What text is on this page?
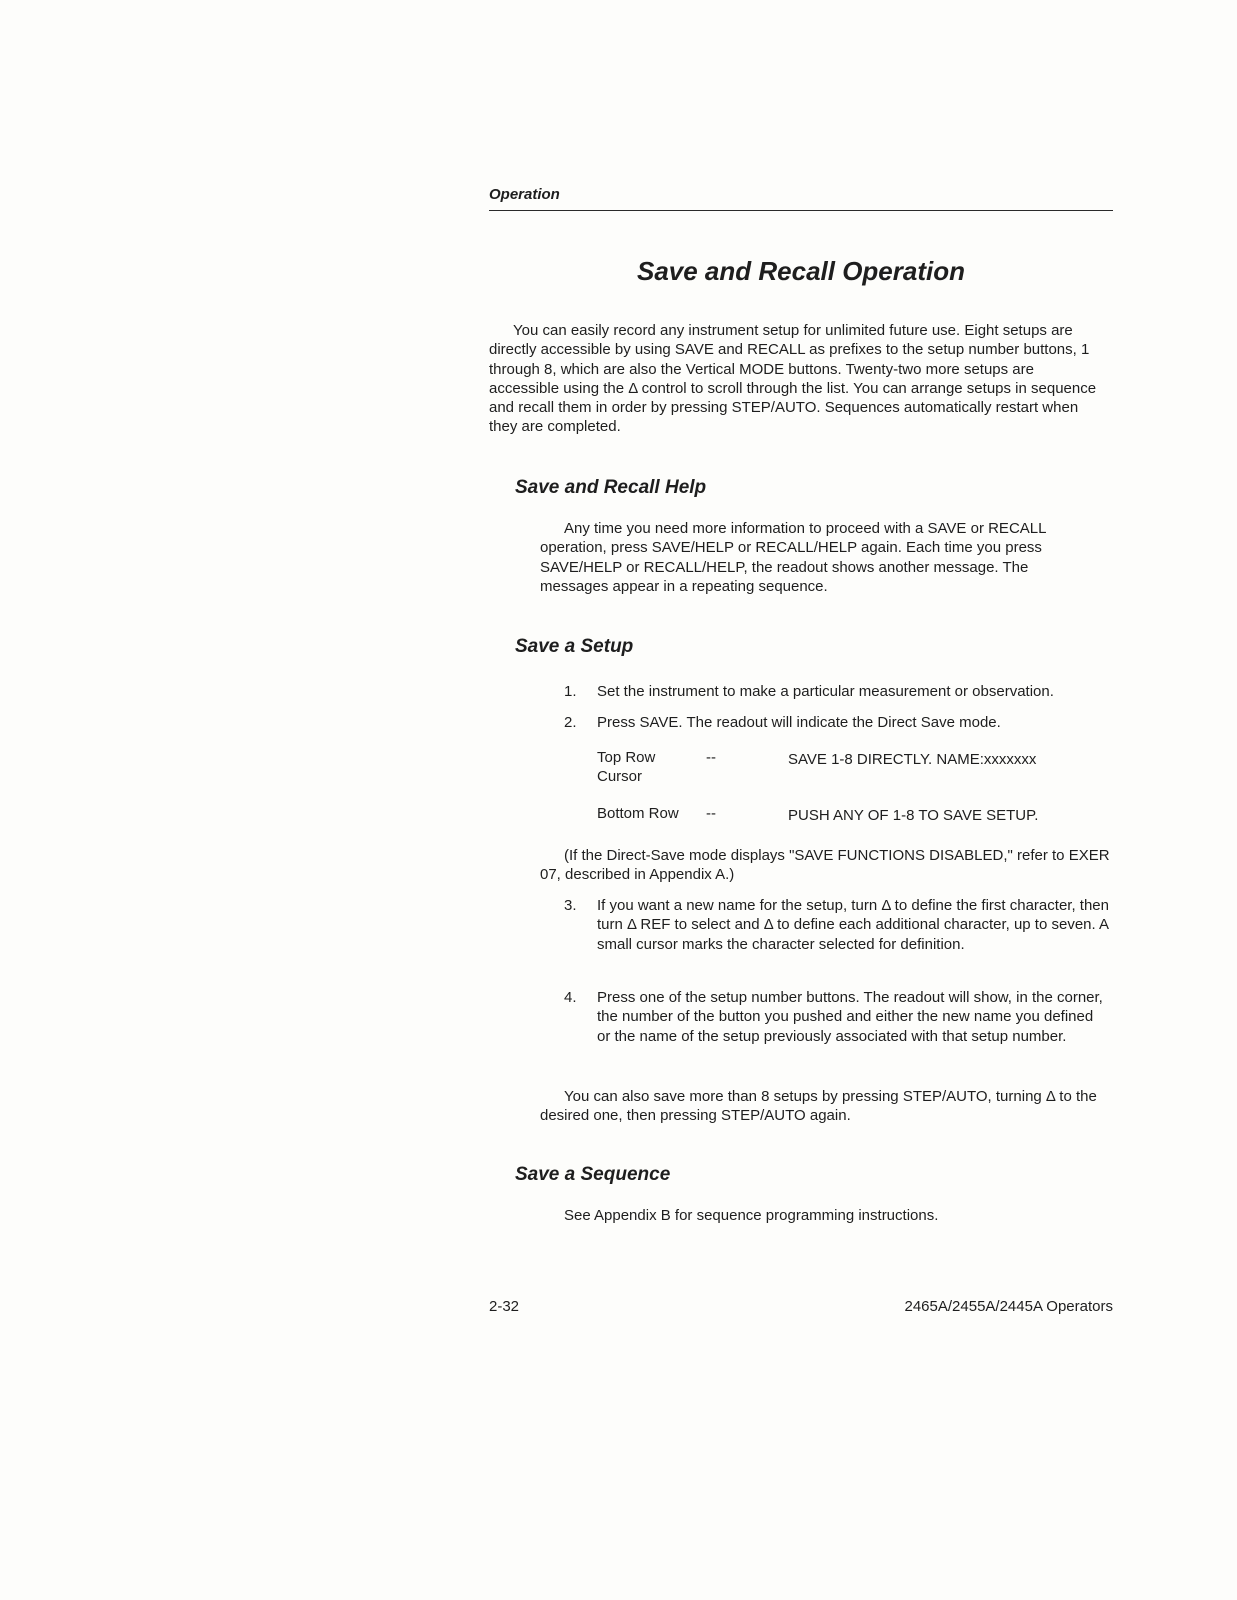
Operation
Save and Recall Operation

You can easily record any instrument setup for unlimited future use. Eight setups are directly accessible by using SAVE and RECALL as prefixes to the setup number buttons, 1 through 8, which are also the Vertical MODE buttons. Twenty-two more setups are accessible using the Δ control to scroll through the list. You can arrange setups in sequence and recall them in order by pressing STEP/AUTO. Sequences automatically restart when they are completed.

Save and Recall Help

Any time you need more information to proceed with a SAVE or RECALL operation, press SAVE/HELP or RECALL/HELP again. Each time you press SAVE/HELP or RECALL/HELP, the readout shows another message. The messages appear in a repeating sequence.

Save a Setup
1. Set the instrument to make a particular measurement or observation.
2. Press SAVE. The readout will indicate the Direct Save mode.
Top Row
Cursor
--	SAVE 1-8 DIRECTLY. NAME:xxxxxxx
Bottom Row --	PUSH ANY OF 1-8 TO SAVE SETUP.

(If the Direct-Save mode displays "SAVE FUNCTIONS DISABLED," refer to EXER 07, described in Appendix A.)

3. If you want a new name for the setup, turn Δ to define the first character, then turn Δ REF to select and Δ to define each additional character, up to seven. A small cursor marks the character selected for definition.
4. Press one of the setup number buttons. The readout will show, in the corner, the number of the button you pushed and either the new name you defined or the name of the setup previously associated with that setup number.

You can also save more than 8 setups by pressing STEP/AUTO, turning Δ to the desired one, then pressing STEP/AUTO again.

Save a Sequence
See Appendix B for sequence programming instructions.
2-32	2465A/2455A/2445A Operators
